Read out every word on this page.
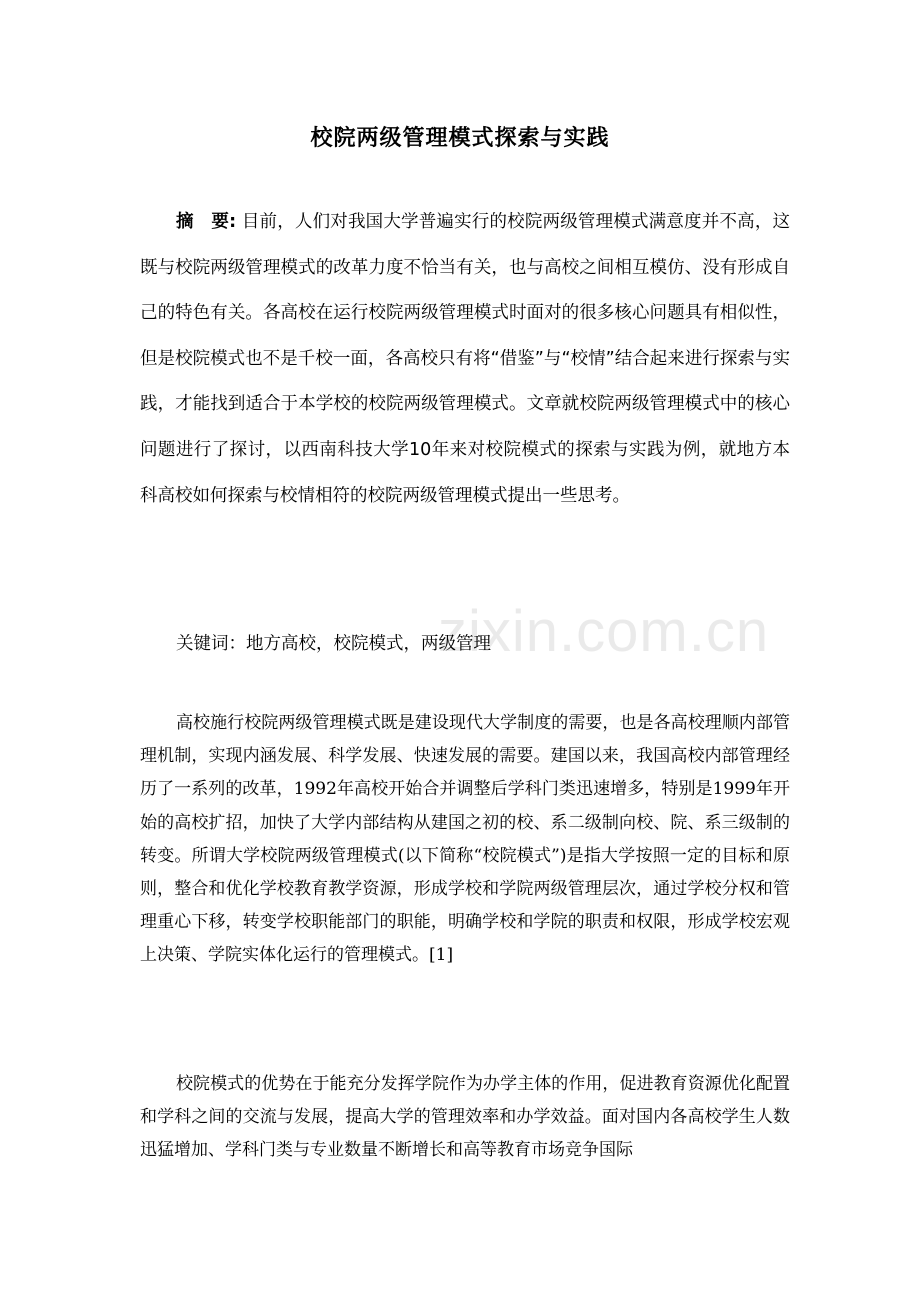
zixin.com.cn
校院两级管理模式探索与实践

摘　要: 目前，人们对我国大学普遍实行的校院两级管理模式满意度并不高，这既与校院两级管理模式的改革力度不恰当有关，也与高校之间相互模仿、没有形成自己的特色有关。各高校在运行校院两级管理模式时面对的很多核心问题具有相似性，但是校院模式也不是千校一面，各高校只有将“借鉴”与“校情”结合起来进行探索与实践，才能找到适合于本学校的校院两级管理模式。文章就校院两级管理模式中的核心问题进行了探讨，以西南科技大学10年来对校院模式的探索与实践为例，就地方本科高校如何探索与校情相符的校院两级管理模式提出一些思考。

关键词：地方高校，校院模式，两级管理

高校施行校院两级管理模式既是建设现代大学制度的需要，也是各高校理顺内部管理机制，实现内涵发展、科学发展、快速发展的需要。建国以来，我国高校内部管理经历了一系列的改革，1992年高校开始合并调整后学科门类迅速增多，特别是1999年开始的高校扩招，加快了大学内部结构从建国之初的校、系二级制向校、院、系三级制的转变。所谓大学校院两级管理模式(以下简称“校院模式”)是指大学按照一定的目标和原则，整合和优化学校教育教学资源，形成学校和学院两级管理层次，通过学校分权和管理重心下移，转变学校职能部门的职能，明确学校和学院的职责和权限，形成学校宏观上决策、学院实体化运行的管理模式。[1]

校院模式的优势在于能充分发挥学院作为办学主体的作用，促进教育资源优化配置和学科之间的交流与发展，提高大学的管理效率和办学效益。面对国内各高校学生人数迅猛增加、学科门类与专业数量不断增长和高等教育市场竞争国际
